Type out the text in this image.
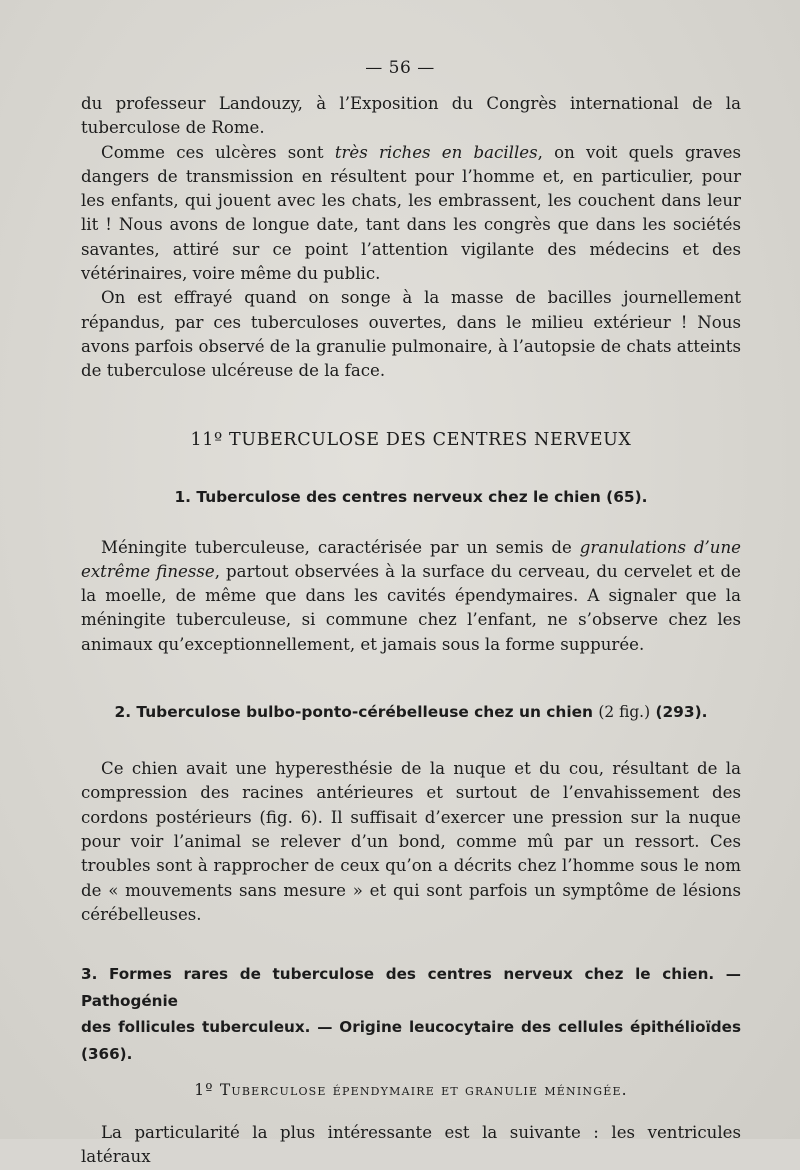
— 56 —

du professeur Landouzy, à l’Exposition du Congrès international de la tuberculose de Rome.

Comme ces ulcères sont très riches en bacilles, on voit quels graves dangers de transmission en résultent pour l’homme et, en particulier, pour les enfants, qui jouent avec les chats, les embrassent, les couchent dans leur lit ! Nous avons de longue date, tant dans les congrès que dans les sociétés savantes, attiré sur ce point l’attention vigilante des médecins et des vétérinaires, voire même du public.

On est effrayé quand on songe à la masse de bacilles journellement répandus, par ces tuberculoses ouvertes, dans le milieu extérieur ! Nous avons parfois observé de la granulie pulmonaire, à l’autopsie de chats atteints de tuberculose ulcéreuse de la face.

11º TUBERCULOSE DES CENTRES NERVEUX
1. Tuberculose des centres nerveux chez le chien (65).

Méningite tuberculeuse, caractérisée par un semis de granulations d’une extrême finesse, partout observées à la surface du cerveau, du cervelet et de la moelle, de même que dans les cavités épendymaires. A signaler que la méningite tuberculeuse, si commune chez l’enfant, ne s’observe chez les animaux qu’exceptionnellement, et jamais sous la forme suppurée.

2. Tuberculose bulbo-ponto-cérébelleuse chez un chien (2 fig.) (293).

Ce chien avait une hyperesthésie de la nuque et du cou, résultant de la compression des racines antérieures et surtout de l’envahissement des cordons postérieurs (fig. 6). Il suffisait d’exercer une pression sur la nuque pour voir l’animal se relever d’un bond, comme mû par un ressort. Ces troubles sont à rapprocher de ceux qu’on a décrits chez l’homme sous le nom de « mouvements sans mesure » et qui sont parfois un symptôme de lésions cérébelleuses.

3. Formes rares de tuberculose des centres nerveux chez le chien. — Pathogénie
des follicules tuberculeux. — Origine leucocytaire des cellules épithélioïdes (366).
1º Tuberculose épendymaire et granulie méningée.

La particularité la plus intéressante est la suivante : les ventricules latéraux
